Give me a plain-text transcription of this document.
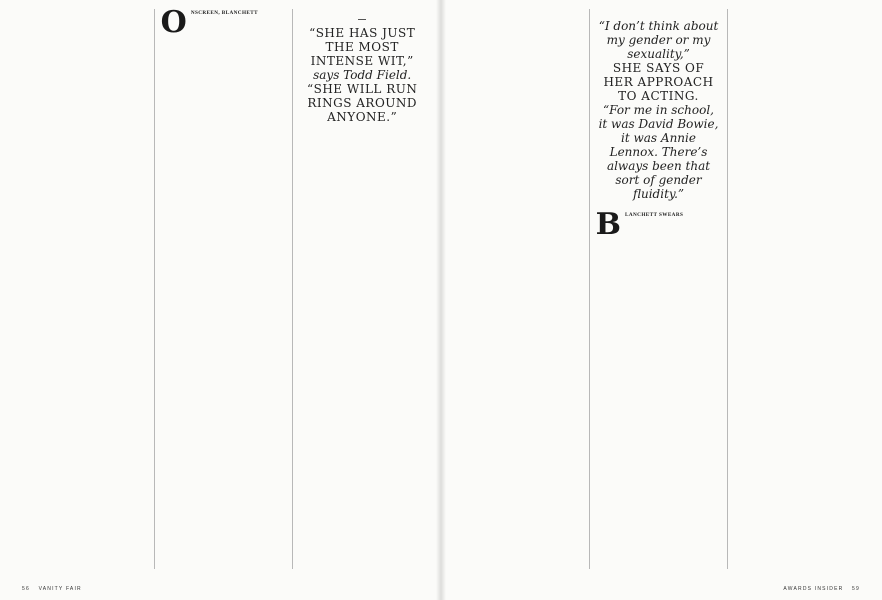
O NSCREEN, BLANCHETT

“SHE HAS JUST THE MOST INTENSE WIT,”
says Todd Field.
“SHE WILL RUN RINGS AROUND ANYONE.”

56 VANITY FAIR

“I don’t think about my gender or my sexuality,”
SHE SAYS OF HER APPROACH TO ACTING.
“For me in school, it was David Bowie, it was Annie Lennox. There’s always been that sort of gender fluidity.”

B LANCHETT SWEARS

AWARDS INSIDER 59
